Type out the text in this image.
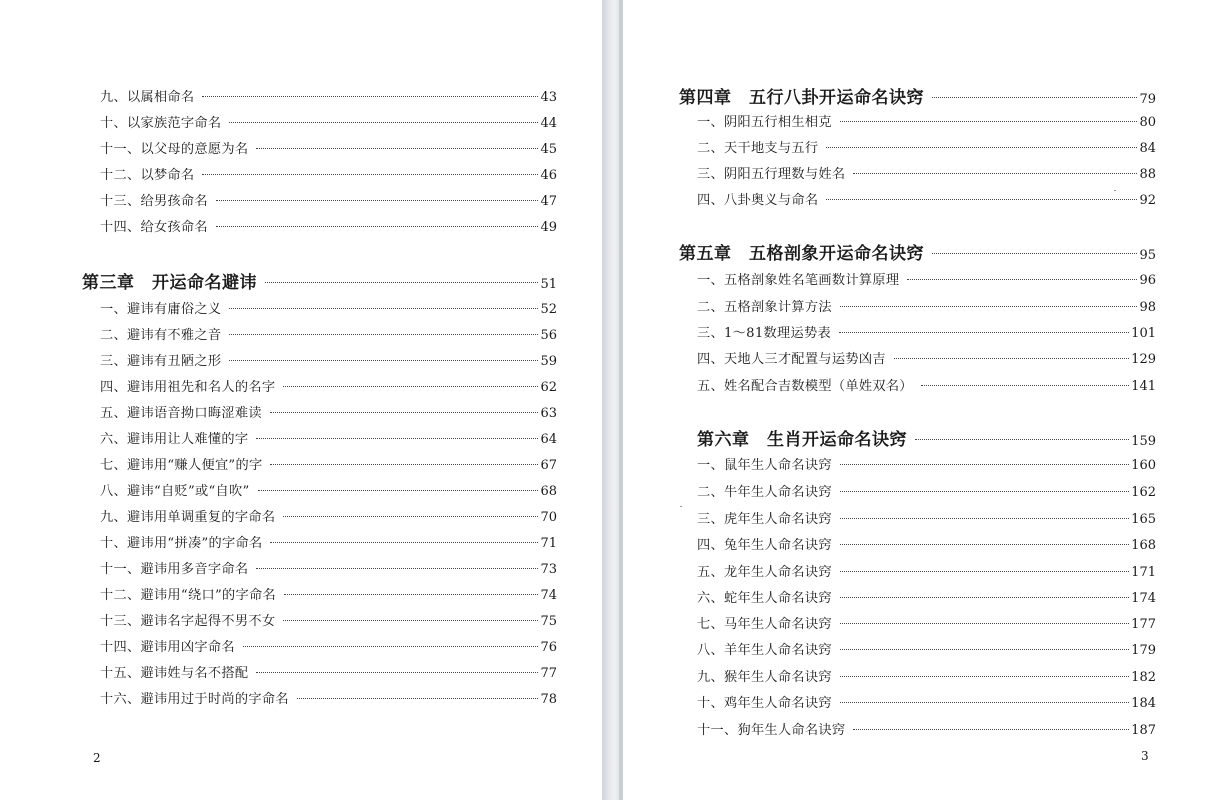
九、以属相命名	43
十、以家族范字命名	44
十一、以父母的意愿为名	45
十二、以梦命名	46
十三、给男孩命名	47
十四、给女孩命名	49
第三章　开运命名避讳	51
一、避讳有庸俗之义	52
二、避讳有不雅之音	56
三、避讳有丑陋之形	59
四、避讳用祖先和名人的名字	62
五、避讳语音拗口晦涩难读	63
六、避讳用让人难懂的字	64
七、避讳用“赚人便宜”的字	67
八、避讳“自贬”或“自吹”	68
九、避讳用单调重复的字命名	70
十、避讳用“拼凑”的字命名	71
十一、避讳用多音字命名	73
十二、避讳用“绕口”的字命名	74
十三、避讳名字起得不男不女	75
十四、避讳用凶字命名	76
十五、避讳姓与名不搭配	77
十六、避讳用过于时尚的字命名	78
第四章　五行八卦开运命名诀窍	79
一、阴阳五行相生相克	80
二、天干地支与五行	84
三、阴阳五行理数与姓名	88
四、八卦奥义与命名	92
第五章　五格剖象开运命名诀窍	95
一、五格剖象姓名笔画数计算原理	96
二、五格剖象计算方法	98
三、1～81数理运势表	101
四、天地人三才配置与运势凶吉	129
五、姓名配合吉数模型（单姓双名）	141
第六章　生肖开运命名诀窍	159
一、鼠年生人命名诀窍	160
二、牛年生人命名诀窍	162
三、虎年生人命名诀窍	165
四、兔年生人命名诀窍	168
五、龙年生人命名诀窍	171
六、蛇年生人命名诀窍	174
七、马年生人命名诀窍	177
八、羊年生人命名诀窍	179
九、猴年生人命名诀窍	182
十、鸡年生人命名诀窍	184
十一、狗年生人命名诀窍	187
2	3
